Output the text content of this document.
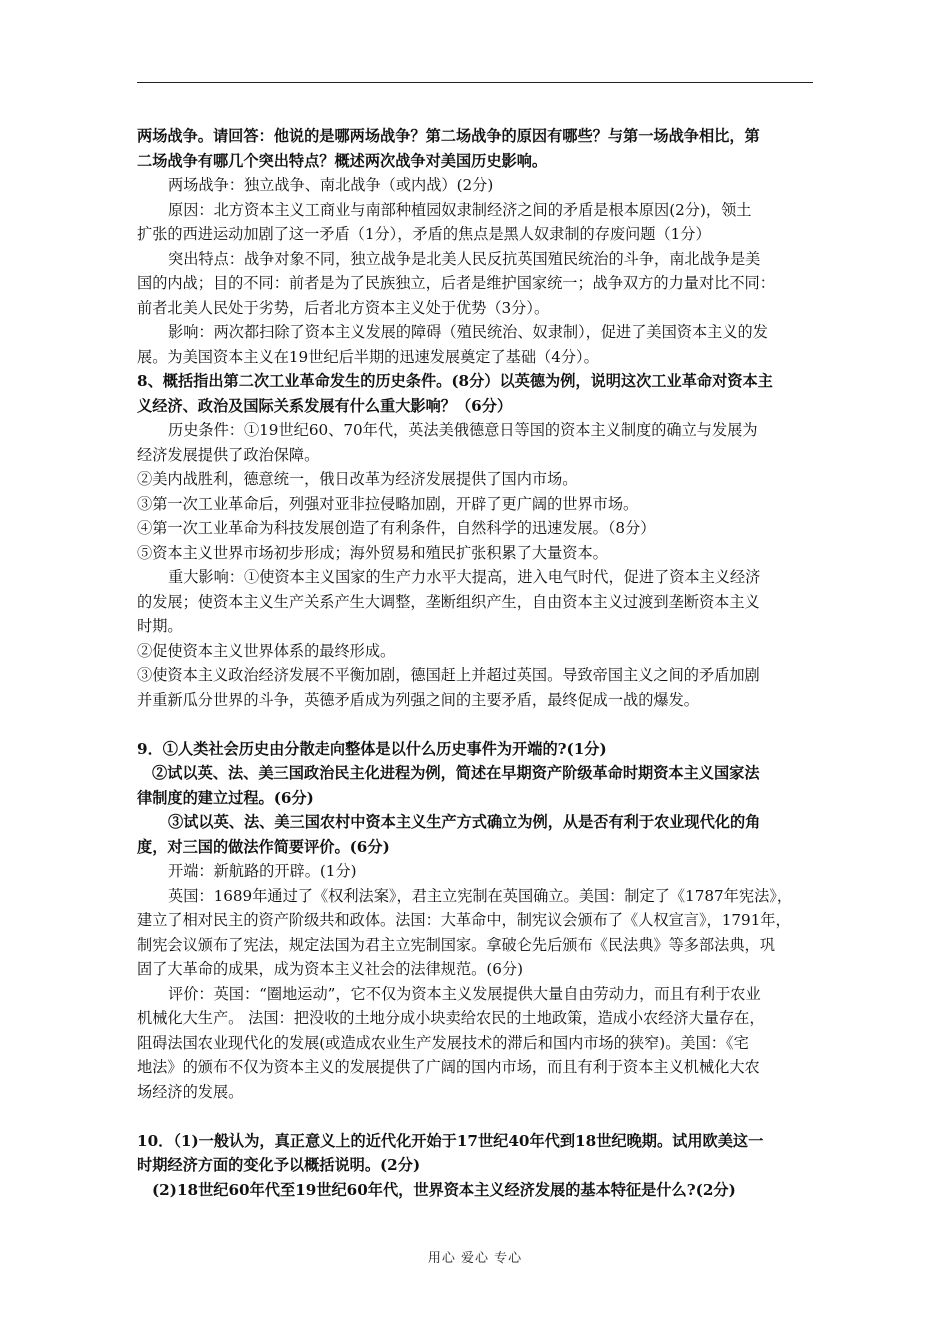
两场战争。请回答：他说的是哪两场战争？第二场战争的原因有哪些？与第一场战争相比，第
二场战争有哪几个突出特点？概述两次战争对美国历史影响。
两场战争：独立战争、南北战争（或内战）(2分)
原因：北方资本主义工商业与南部种植园奴隶制经济之间的矛盾是根本原因(2分)，领土
扩张的西进运动加剧了这一矛盾（1分），矛盾的焦点是黑人奴隶制的存废问题（1分）
突出特点：战争对象不同，独立战争是北美人民反抗英国殖民统治的斗争，南北战争是美
国的内战；目的不同：前者是为了民族独立，后者是维护国家统一；战争双方的力量对比不同：
前者北美人民处于劣势，后者北方资本主义处于优势（3分）。
影响：两次都扫除了资本主义发展的障碍（殖民统治、奴隶制），促进了美国资本主义的发
展。为美国资本主义在19世纪后半期的迅速发展奠定了基础（4分）。
8、概括指出第二次工业革命发生的历史条件。(8分）以英德为例，说明这次工业革命对资本主
义经济、政治及国际关系发展有什么重大影响？（6分）
历史条件：①19世纪60、70年代，英法美俄德意日等国的资本主义制度的确立与发展为
经济发展提供了政治保障。
②美内战胜利，德意统一，俄日改革为经济发展提供了国内市场。
③第一次工业革命后，列强对亚非拉侵略加剧，开辟了更广阔的世界市场。
④第一次工业革命为科技发展创造了有利条件，自然科学的迅速发展。（8分）
⑤资本主义世界市场初步形成；海外贸易和殖民扩张积累了大量资本。
重大影响：①使资本主义国家的生产力水平大提高，进入电气时代，促进了资本主义经济
的发展；使资本主义生产关系产生大调整，垄断组织产生，自由资本主义过渡到垄断资本主义
时期。
②促使资本主义世界体系的最终形成。
③使资本主义政治经济发展不平衡加剧，德国赶上并超过英国。导致帝国主义之间的矛盾加剧
并重新瓜分世界的斗争，英德矛盾成为列强之间的主要矛盾，最终促成一战的爆发。
9．①人类社会历史由分散走向整体是以什么历史事件为开端的?(1分)
②试以英、法、美三国政治民主化进程为例，简述在早期资产阶级革命时期资本主义国家法
律制度的建立过程。(6分)
③试以英、法、美三国农村中资本主义生产方式确立为例，从是否有利于农业现代化的角
度，对三国的做法作简要评价。(6分)
开端：新航路的开辟。(1分)
英国：1689年通过了《权利法案》，君主立宪制在英国确立。美国：制定了《1787年宪法》，
建立了相对民主的资产阶级共和政体。法国：大革命中，制宪议会颁布了《人权宣言》，1791年，
制宪会议颁布了宪法，规定法国为君主立宪制国家。拿破仑先后颁布《民法典》等多部法典，巩
固了大革命的成果，成为资本主义社会的法律规范。(6分)
评价：英国：“圈地运动”，它不仅为资本主义发展提供大量自由劳动力，而且有利于农业
机械化大生产。 法国：把没收的土地分成小块卖给农民的土地政策，造成小农经济大量存在，
阻碍法国农业现代化的发展(或造成农业生产发展技术的滞后和国内市场的狭窄)。美国：《宅
地法》的颁布不仅为资本主义的发展提供了广阔的国内市场，而且有利于资本主义机械化大农
场经济的发展。
10．（1)一般认为，真正意义上的近代化开始于17世纪40年代到18世纪晚期。试用欧美这一
时期经济方面的变化予以概括说明。(2分)
(2)18世纪60年代至19世纪60年代，世界资本主义经济发展的基本特征是什么?(2分)
用心 爱心 专心
